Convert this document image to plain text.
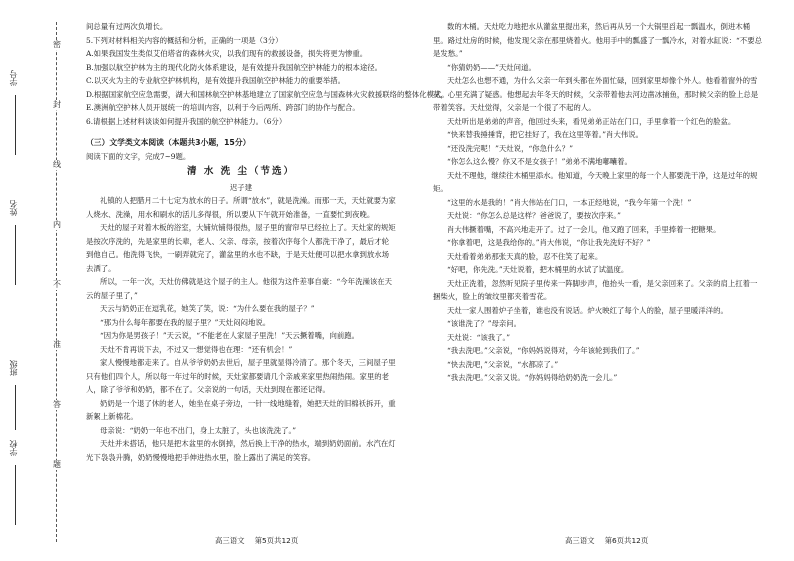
密
封
线
内
不
准
答
题
学号
姓名
班级
学校

间总量有过两次负增长。

5.下列对材料相关内容的概括和分析，正确的一项是（3分）

A.如果我国发生类似艾伯塔省的森林火灾，以我们现有的救援设备，损失将更为惨重。

B.加强以航空护林为主的现代化防火体系建设，是有效提升我国航空护林能力的根本途径。

C.以灭火为主的专业航空护林机构，是有效提升我国航空护林能力的重要举措。

D.根据国家航空应急需要，湖大和国林航空护林基地建立了国家航空应急与国森林火灾救援联络的整体化模式。

E.澳洲航空护林人员开展统一的培训内容，以利于今后两所、跨部门的协作与配合。

6.请根据上述材料谈谈如何提升我国的航空护林能力。（6分）

（三）文学类文本阅读（本题共3小题，15分）

阅读下面的文字，完成7~9题。

清 水 洗 尘（节选）

迟子建

礼镇的人把腊月二十七定为放水的日子。所谓“放水”，就是洗澡。而那一天，天灶就要为家人烧水、洗澡，用水和刷水的活儿多得很，所以要从下午就开始准备，一直要忙到夜晚。

天灶的屋子对着木板的浴室，大铺炕铺得很热，屋子里的窗帘早已经拉上了。天灶家的规矩是按次序洗的，先是家里的长辈，老人、父亲、母亲，按着次序每个人都洗干净了，最后才轮到他自己。他洗得飞快，一刷弄就完了，灌盆里的水也不缺，于是天灶便可以把水拿到放水场去洒了。

所以，一年一次，天灶仿佛就是这个屋子的主人。他很为这件差事自豪：“今年洗澡该在天云的屋子里了，”

天云与奶奶正在逗乳花，她笑了笑，说：“为什么要在我的屋子？”

“那为什么每年都要在我的屋子里？”天灶闷闷地说。

“因为你是男孩子！”天云说，“不能老在人家屋子里洗！”天云撅着嘴，向前跑。

天灶不肯再说下去，不过又一想觉得也在理：“还有机会！”

家人慢慢地都走来了。自从爷爷奶奶去世后，屋子里就显得冷清了。那个冬天，三间屋子里只有他们四个人，所以每一年过年的时候，天灶家都要请几个亲戚来家里热闹热闹。家里的老人，除了爷爷和奶奶，都不在了。父亲说的一句话，天灶到现在都还记得。

奶奶是一个退了休的老人，她坐在桌子旁边，一针一线地缝着，她把天灶的旧棉袄拆开，重新絮上新棉花。

母亲说：“奶奶一年也不出门，身上太脏了，头也该洗洗了。”

天灶并未搭话，他只是把木盆里的水倒掉，然后换上干净的热水，端到奶奶面前。水汽在灯光下袅袅升腾，奶奶慢慢地把手伸进热水里，脸上露出了满足的笑容。

数的木桶。天灶吃力地把水从灌盆里提出来，然后再从另一个大锅里舀起一瓢温水，倒进木桶里。路过灶房的时候，他发现父亲在那里烧着火。他用手中的瓢盛了一瓢冷水，对着水缸说：“不要总是发愁。”

“你猜奶奶——”天灶问道。

天灶怎么也想不通，为什么父亲一年到头都在外面忙碌，回到家里却像个外人。他看着窗外的雪花，心里充满了疑惑。他想起去年冬天的时候，父亲带着他去河边凿冰捕鱼，那时候父亲的脸上总是带着笑容。天灶觉得，父亲是一个很了不起的人。

天灶听出是弟弟的声音，他回过头来，看见弟弟正站在门口，手里拿着一个红色的脸盆。

“快来替我捶捶背，把它挂好了，我在这里等着。”肖大伟说。

“还没洗完呢！”天灶说，“你急什么？”

“你怎么这么慢？你又不是女孩子！”弟弟不满地嘟囔着。

天灶不理他，继续往木桶里添水。他知道，今天晚上家里的每一个人都要洗干净，这是过年的规矩。

“这里的水是我的！”肖大伟站在门口，一本正经地说，“我今年第一个洗！”

天灶说：“你怎么总是这样？爸爸说了，要按次序来。”

肖大伟撅着嘴，不高兴地走开了。过了一会儿，他又跑了回来，手里捧着一把糖果。

“你拿着吧，这是我给你的。”肖大伟说，“你让我先洗好不好？”

天灶看着弟弟那张天真的脸，忍不住笑了起来。

“好吧，你先洗。”天灶说着，把木桶里的水试了试温度。

天灶正洗着，忽然听见院子里传来一阵脚步声，他抬头一看，是父亲回来了。父亲的肩上扛着一捆柴火，脸上的皱纹里都夹着雪花。

天灶一家人围着炉子坐着，谁也没有说话。炉火映红了每个人的脸，屋子里暖洋洋的。

“该谁洗了？”母亲问。

天灶说：“该我了。”

“我去洗吧。”父亲说，“你妈妈说得对，今年该轮到我们了。”

“快去洗吧，”父亲说，“水都凉了。”

“我去洗吧。”父亲又说。“你妈妈得给奶奶洗一会儿。”

高三语文 第5页共12页	高三语文 第6页共12页
